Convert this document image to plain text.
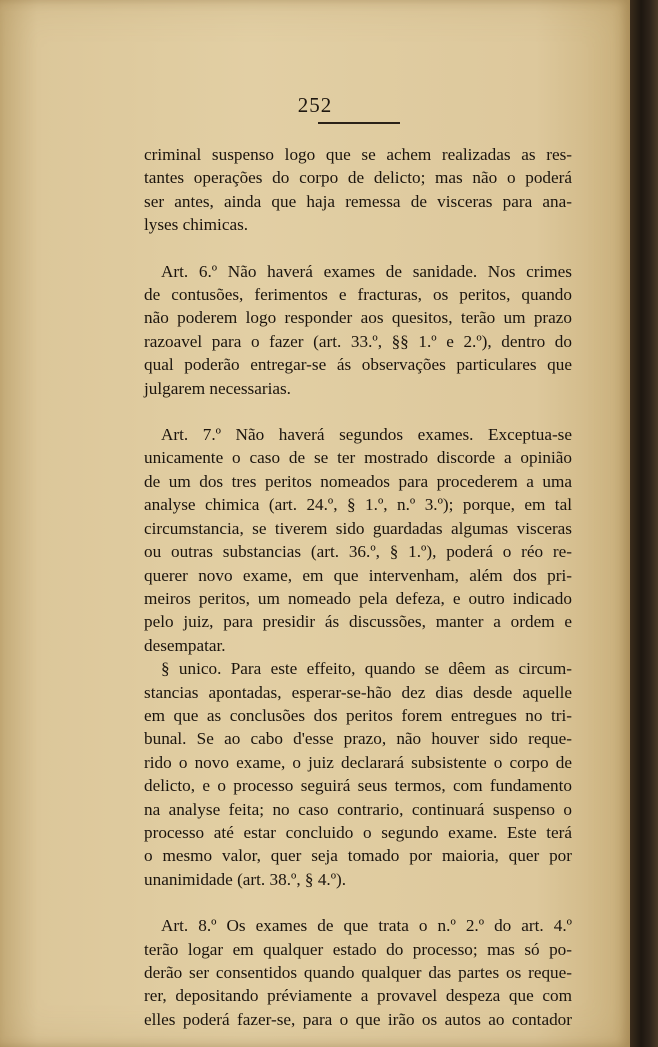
252

criminal suspenso logo que se achem realizadas as res-
tantes operações do corpo de delicto; mas não o poderá
ser antes, ainda que haja remessa de visceras para ana-
lyses chimicas.

Art. 6.º Não haverá exames de sanidade. Nos crimes
de contusões, ferimentos e fracturas, os peritos, quando
não poderem logo responder aos quesitos, terão um prazo
razoavel para o fazer (art. 33.º, §§ 1.º e 2.º), dentro do
qual poderão entregar-se ás observações particulares que
julgarem necessarias.

Art. 7.º Não haverá segundos exames. Exceptua-se
unicamente o caso de se ter mostrado discorde a opinião
de um dos tres peritos nomeados para procederem a uma
analyse chimica (art. 24.º, § 1.º, n.º 3.º); porque, em tal
circumstancia, se tiverem sido guardadas algumas visceras
ou outras substancias (art. 36.º, § 1.º), poderá o réo re-
querer novo exame, em que intervenham, além dos pri-
meiros peritos, um nomeado pela defeza, e outro indicado
pelo juiz, para presidir ás discussões, manter a ordem e
desempatar.

§ unico. Para este effeito, quando se dêem as circum-
stancias apontadas, esperar-se-hão dez dias desde aquelle
em que as conclusões dos peritos forem entregues no tri-
bunal. Se ao cabo d'esse prazo, não houver sido reque-
rido o novo exame, o juiz declarará subsistente o corpo de
delicto, e o processo seguirá seus termos, com fundamento
na analyse feita; no caso contrario, continuará suspenso o
processo até estar concluido o segundo exame. Este terá
o mesmo valor, quer seja tomado por maioria, quer por
unanimidade (art. 38.º, § 4.º).

Art. 8.º Os exames de que trata o n.º 2.º do art. 4.º
terão logar em qualquer estado do processo; mas só po-
derão ser consentidos quando qualquer das partes os reque-
rer, depositando préviamente a provavel despeza que com
elles poderá fazer-se, para o que irão os autos ao contador
